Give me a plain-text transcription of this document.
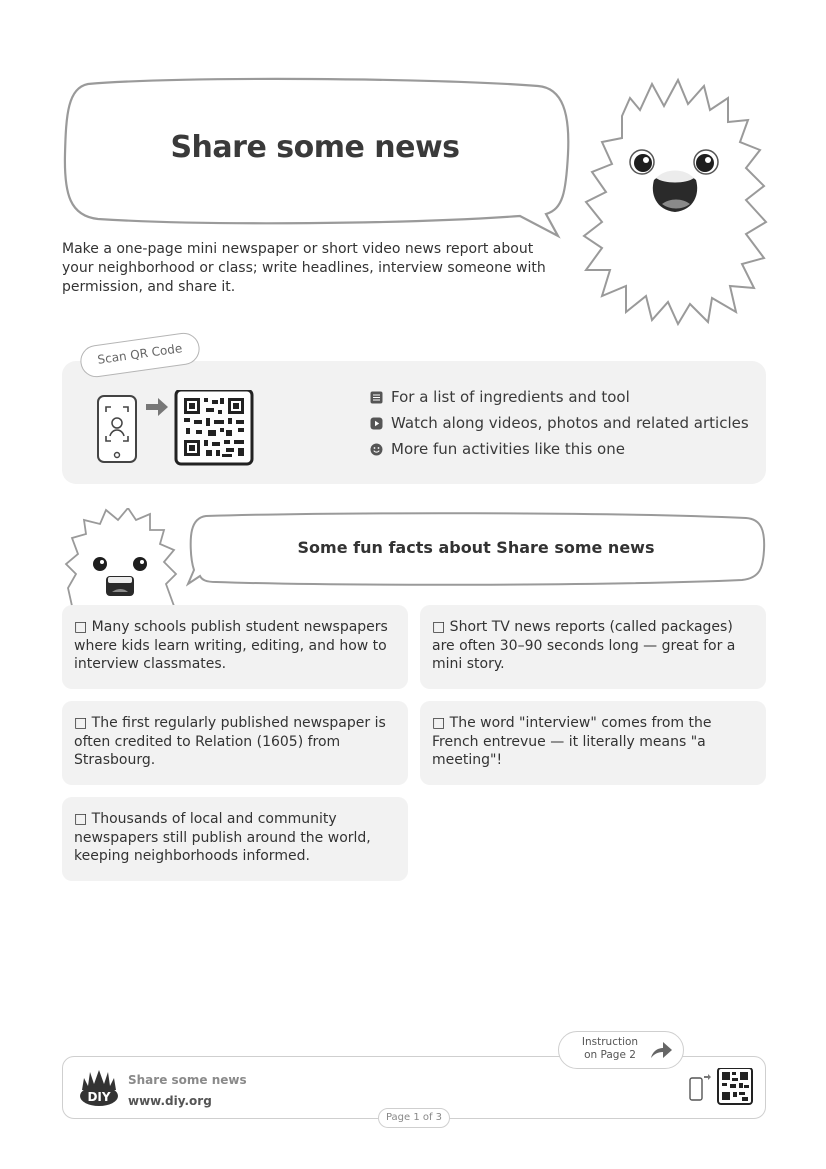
Share some news
Make a one-page mini newspaper or short video news report about your neighborhood or class; write headlines, interview someone with permission, and share it.
Scan QR Code
For a list of ingredients and tool
Watch along videos, photos and related articles
More fun activities like this one
Some fun facts about Share some news
□ Many schools publish student newspapers where kids learn writing, editing, and how to interview classmates.
□ Short TV news reports (called packages) are often 30–90 seconds long — great for a mini story.
□ The first regularly published newspaper is often credited to Relation (1605) from Strasbourg.
□ The word "interview" comes from the French entrevue — it literally means "a meeting"!
□ Thousands of local and community newspapers still publish around the world, keeping neighborhoods informed.
Instruction
on Page 2
DIY
Share some news
www.diy.org
Page 1 of 3
